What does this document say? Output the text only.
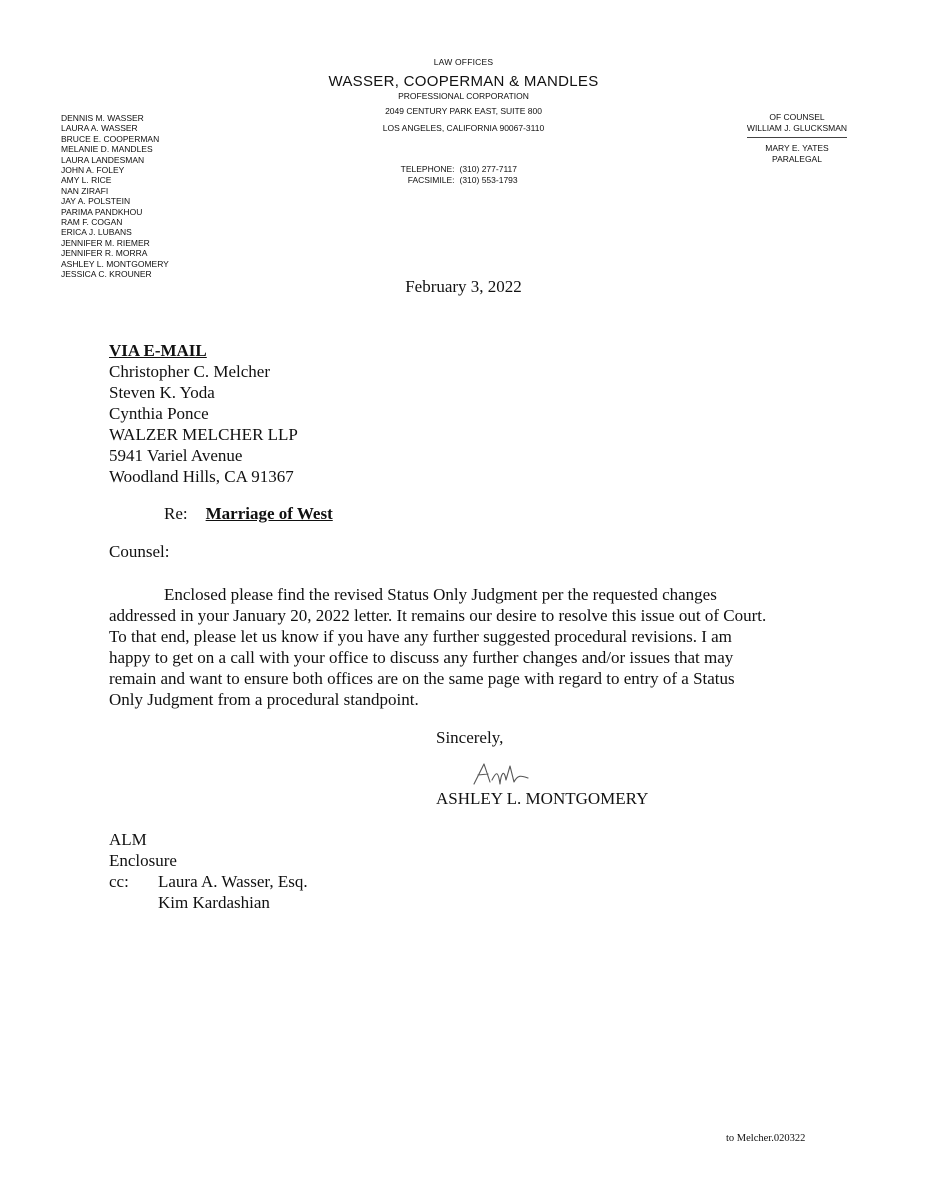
LAW OFFICES
WASSER, COOPERMAN & MANDLES
PROFESSIONAL CORPORATION
2049 CENTURY PARK EAST, SUITE 800
LOS ANGELES, CALIFORNIA 90067-3110
TELEPHONE: (310) 277-7117
FACSIMILE: (310) 553-1793
DENNIS M. WASSER
LAURA A. WASSER
BRUCE E. COOPERMAN
MELANIE D. MANDLES
LAURA LANDESMAN
JOHN A. FOLEY
AMY L. RICE
NAN ZIRAFI
JAY A. POLSTEIN
PARIMA PANDKHOU
RAM F. COGAN
ERICA J. LUBANS
JENNIFER M. RIEMER
JENNIFER R. MORRA
ASHLEY L. MONTGOMERY
JESSICA C. KROUNER
OF COUNSEL
WILLIAM J. GLUCKSMAN
MARY E. YATES
PARALEGAL
February 3, 2022
VIA E-MAIL
Christopher C. Melcher
Steven K. Yoda
Cynthia Ponce
WALZER MELCHER LLP
5941 Variel Avenue
Woodland Hills, CA 91367
Re: Marriage of West
Counsel:
Enclosed please find the revised Status Only Judgment per the requested changes
addressed in your January 20, 2022 letter. It remains our desire to resolve this issue out of Court.
To that end, please let us know if you have any further suggested procedural revisions. I am
happy to get on a call with your office to discuss any further changes and/or issues that may
remain and want to ensure both offices are on the same page with regard to entry of a Status
Only Judgment from a procedural standpoint.
Sincerely,
ASHLEY L. MONTGOMERY
ALM
Enclosure
cc:	Laura A. Wasser, Esq.
Kim Kardashian
to Melcher.020322
